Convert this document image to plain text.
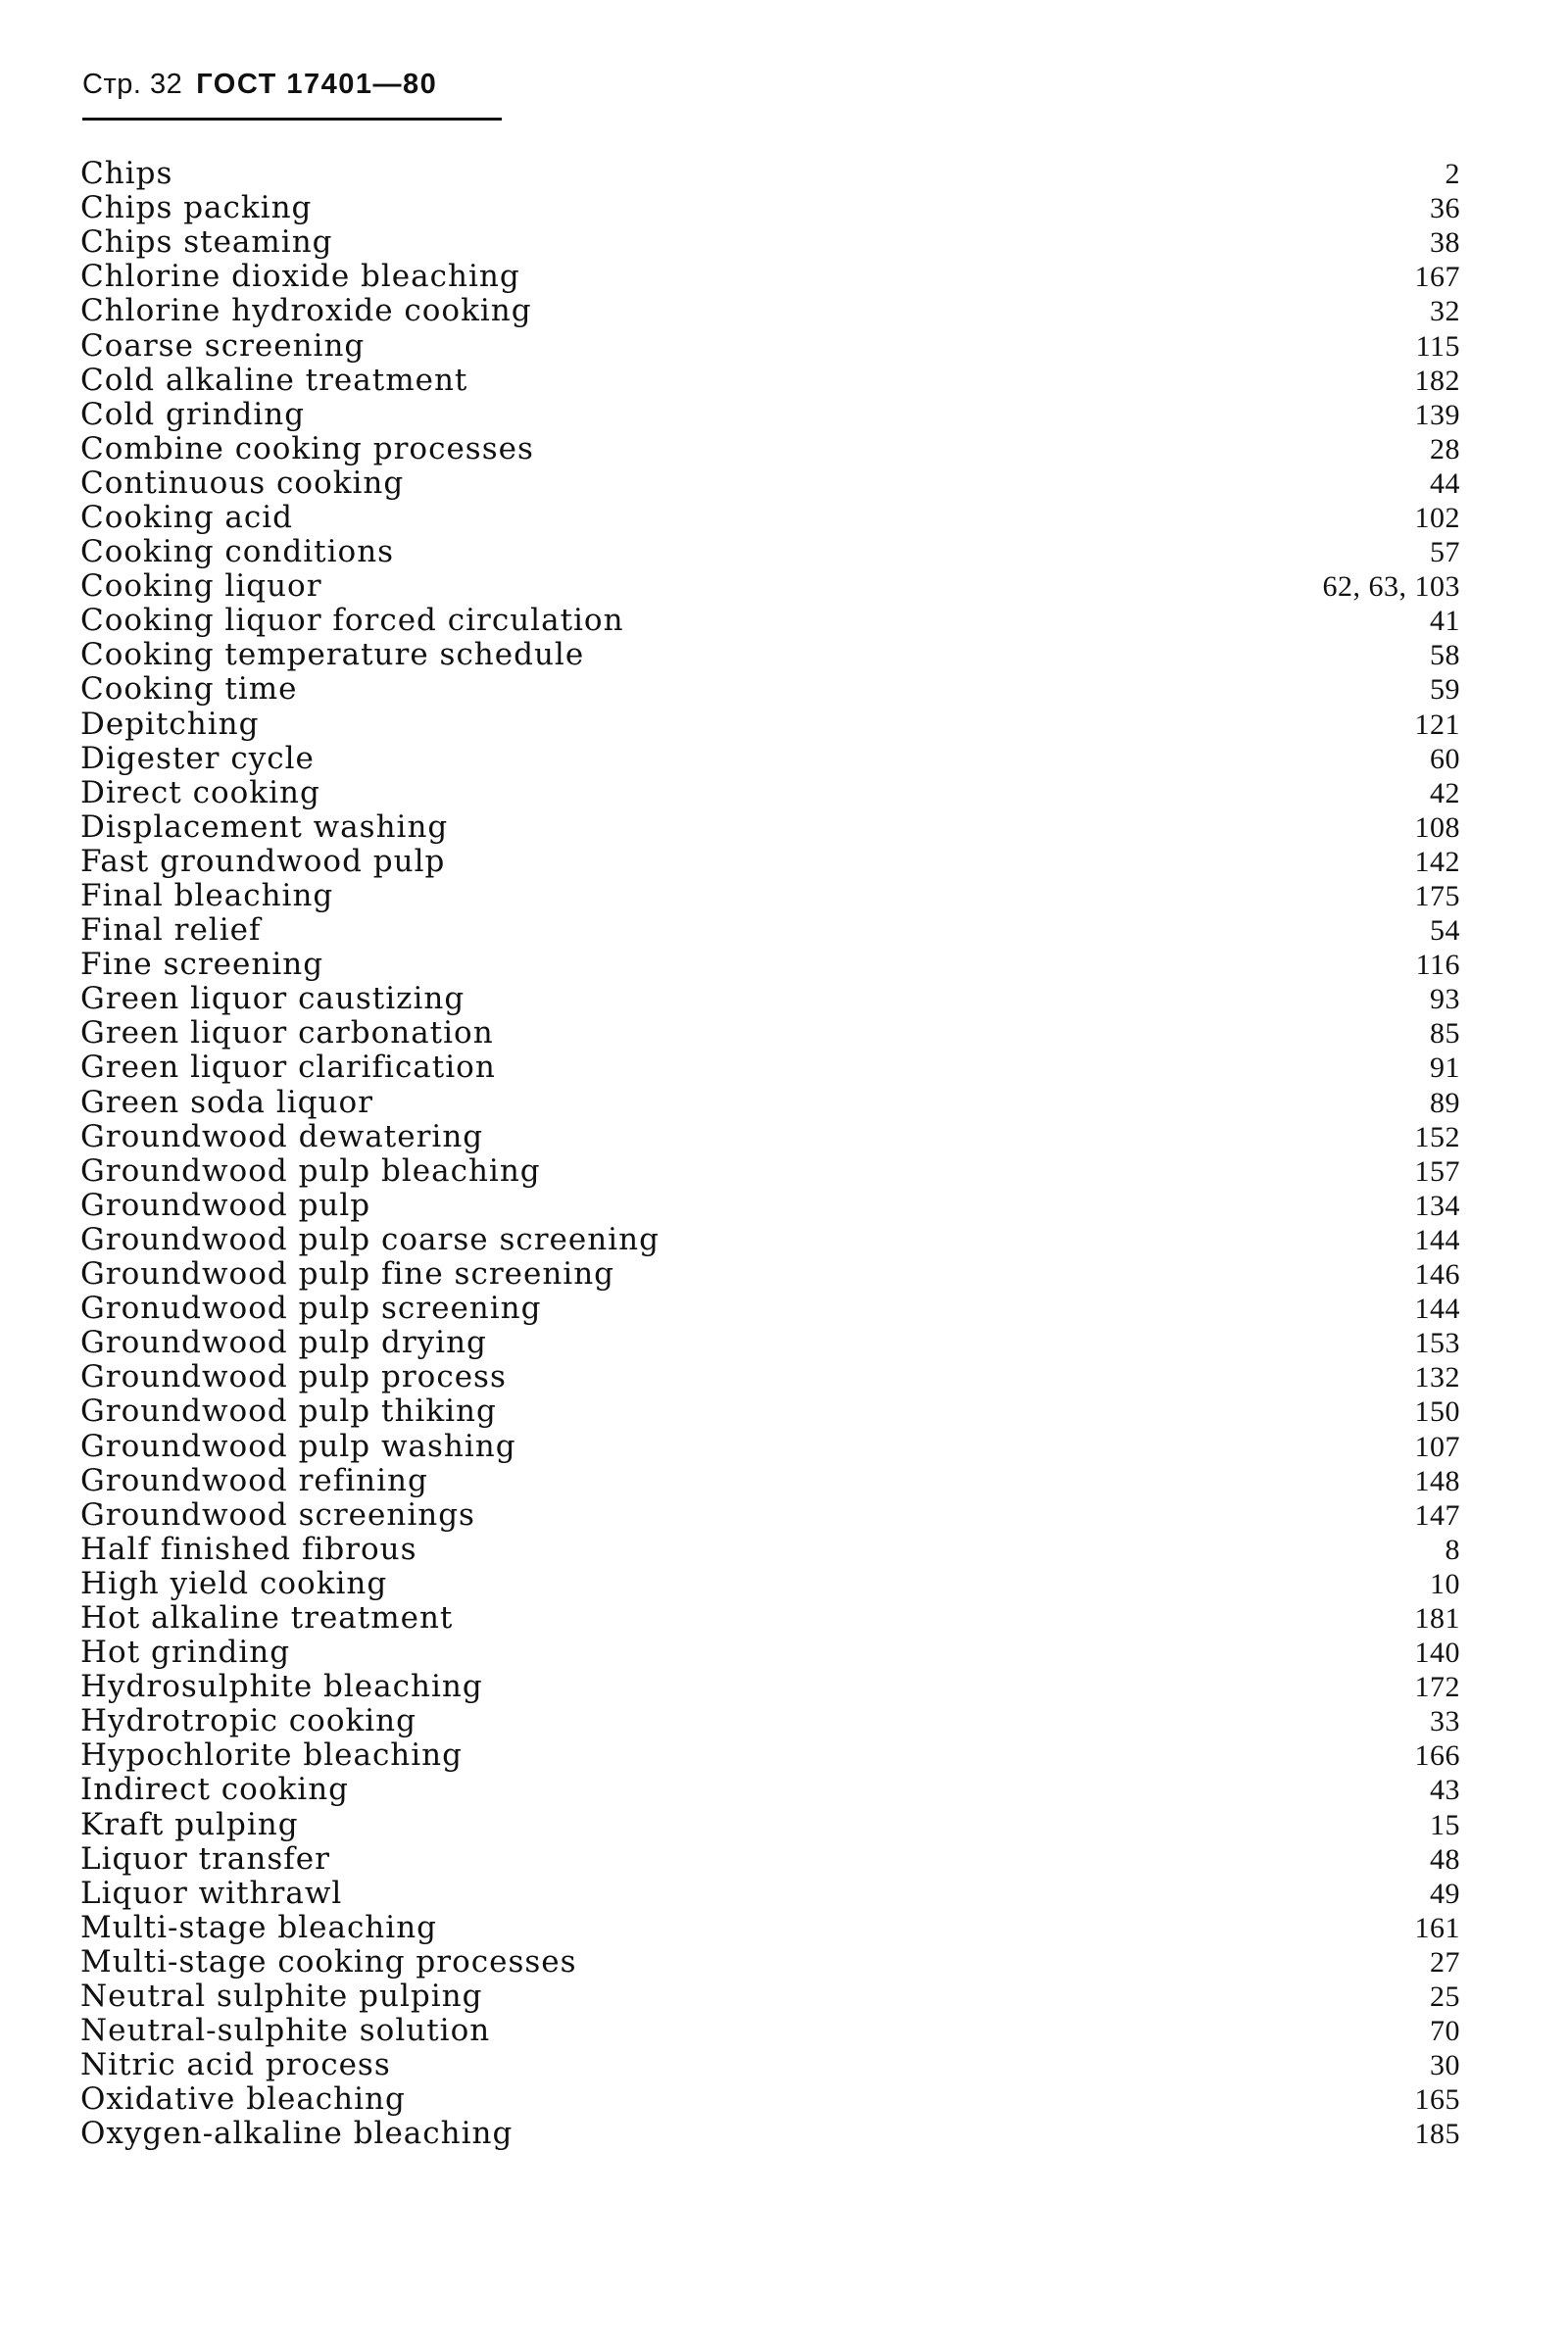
Стр. 32 ГОСТ 17401—80
Chips	2
Chips packing	36
Chips steaming	38
Chlorine dioxide bleaching	167
Chlorine hydroxide cooking	32
Coarse screening	115
Cold alkaline treatment	182
Cold grinding	139
Combine cooking processes	28
Continuous cooking	44
Cooking acid	102
Cooking conditions	57
Cooking liquor	62, 63, 103
Cooking liquor forced circulation	41
Cooking temperature schedule	58
Cooking time	59
Depitching	121
Digester cycle	60
Direct cooking	42
Displacement washing	108
Fast groundwood pulp	142
Final bleaching	175
Final relief	54
Fine screening	116
Green liquor caustizing	93
Green liquor carbonation	85
Green liquor clarification	91
Green soda liquor	89
Groundwood dewatering	152
Groundwood pulp bleaching	157
Groundwood pulp	134
Groundwood pulp coarse screening	144
Groundwood pulp fine screening	146
Gronudwood pulp screening	144
Groundwood pulp drying	153
Groundwood pulp process	132
Groundwood pulp thiking	150
Groundwood pulp washing	107
Groundwood refining	148
Groundwood screenings	147
Half finished fibrous	8
High yield cooking	10
Hot alkaline treatment	181
Hot grinding	140
Hydrosulphite bleaching	172
Hydrotropic cooking	33
Hypochlorite bleaching	166
Indirect cooking	43
Kraft pulping	15
Liquor transfer	48
Liquor withrawl	49
Multi-stage bleaching	161
Multi-stage cooking processes	27
Neutral sulphite pulping	25
Neutral-sulphite solution	70
Nitric acid process	30
Oxidative bleaching	165
Oxygen-alkaline bleaching	185
